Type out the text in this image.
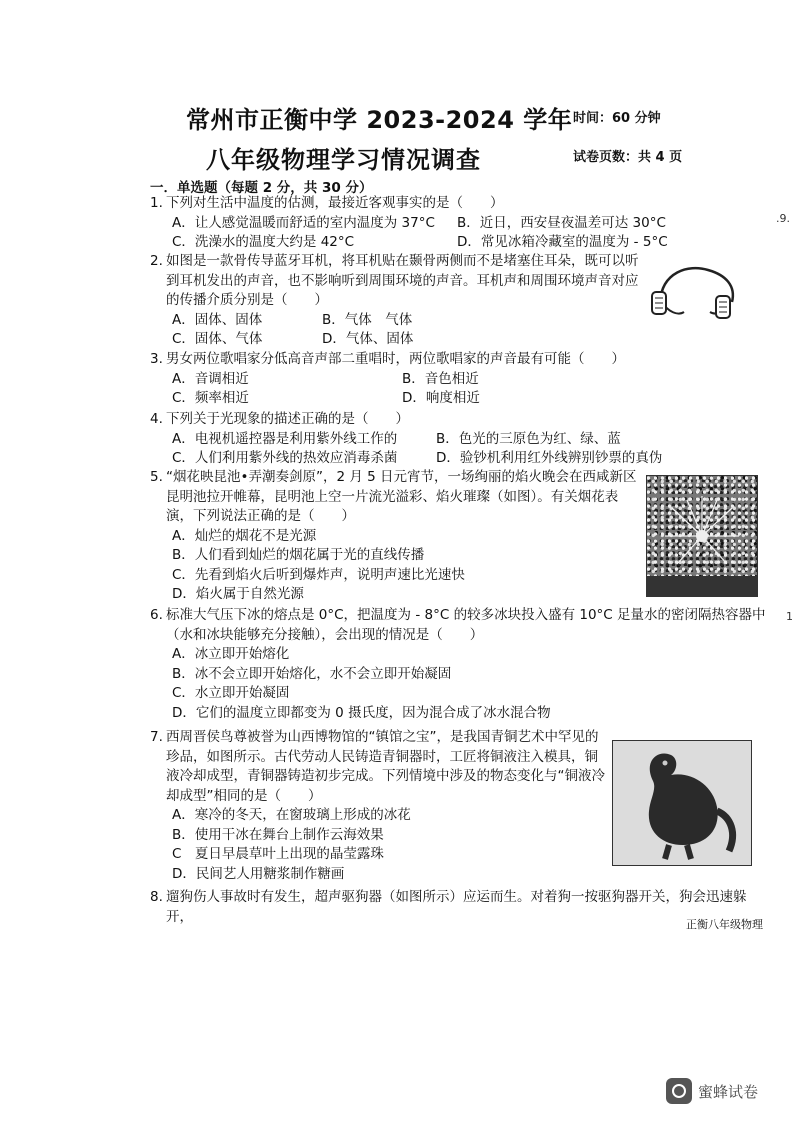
常州市正衡中学 2023-2024 学年
八年级物理学习情况调查
时间：60 分钟
试卷页数：共 4 页
.9.
1
一．单选题（每题 2 分，共 30 分）
1. 下列对生活中温度的估测，最接近客观事实的是（　　）
A．让人感觉温暖而舒适的室内温度为 37°C	B．近日，西安昼夜温差可达 30°C
C．洗澡水的温度大约是 42°C	D．常见冰箱冷藏室的温度为 - 5°C
2. 如图是一款骨传导蓝牙耳机，将耳机贴在颞骨两侧而不是堵塞住耳朵，既可以听到耳机发出的声音，也不影响听到周围环境的声音。耳机声和周围环境声音对应的传播介质分别是（　　）
A．固体、固体	B．气体　气体
C．固体、气体	D．气体、固体
3. 男女两位歌唱家分低高音声部二重唱时，两位歌唱家的声音最有可能（　　）
A．音调相近	B．音色相近
C．频率相近	D．响度相近
4. 下列关于光现象的描述正确的是（　　）
A．电视机遥控器是利用紫外线工作的	B．色光的三原色为红、绿、蓝
C．人们利用紫外线的热效应消毒杀菌	D．验钞机利用红外线辨别钞票的真伪
5. “烟花映昆池•弄潮奏剑原”，2 月 5 日元宵节，一场绚丽的焰火晚会在西咸新区昆明池拉开帷幕，昆明池上空一片流光溢彩、焰火璀璨（如图）。有关烟花表演，下列说法正确的是（　　）
A．灿烂的烟花不是光源
B．人们看到灿烂的烟花属于光的直线传播
C．先看到焰火后听到爆炸声，说明声速比光速快
D．焰火属于自然光源
6. 标准大气压下冰的熔点是 0°C，把温度为 - 8°C 的较多冰块投入盛有 10°C 足量水的密闭隔热容器中（水和冰块能够充分接触），会出现的情况是（　　）
A．冰立即开始熔化
B．冰不会立即开始熔化，水不会立即开始凝固
C．水立即开始凝固
D．它们的温度立即都变为 0 摄氏度，因为混合成了冰水混合物
7. 西周晋侯鸟尊被誉为山西博物馆的“镇馆之宝”，是我国青铜艺术中罕见的珍品，如图所示。古代劳动人民铸造青铜器时，工匠将铜液注入模具，铜液冷却成型，青铜器铸造初步完成。下列情境中涉及的物态变化与“铜液冷却成型”相同的是（　　）
A．寒冷的冬天，在窗玻璃上形成的冰花
B．使用干冰在舞台上制作云海效果
C　夏日早晨草叶上出现的晶莹露珠
D．民间艺人用糖浆制作糖画
8. 遛狗伤人事故时有发生，超声驱狗器（如图所示）应运而生。对着狗一按驱狗器开关，狗会迅速躲开，	正衡八年级物理
蜜蜂试卷
